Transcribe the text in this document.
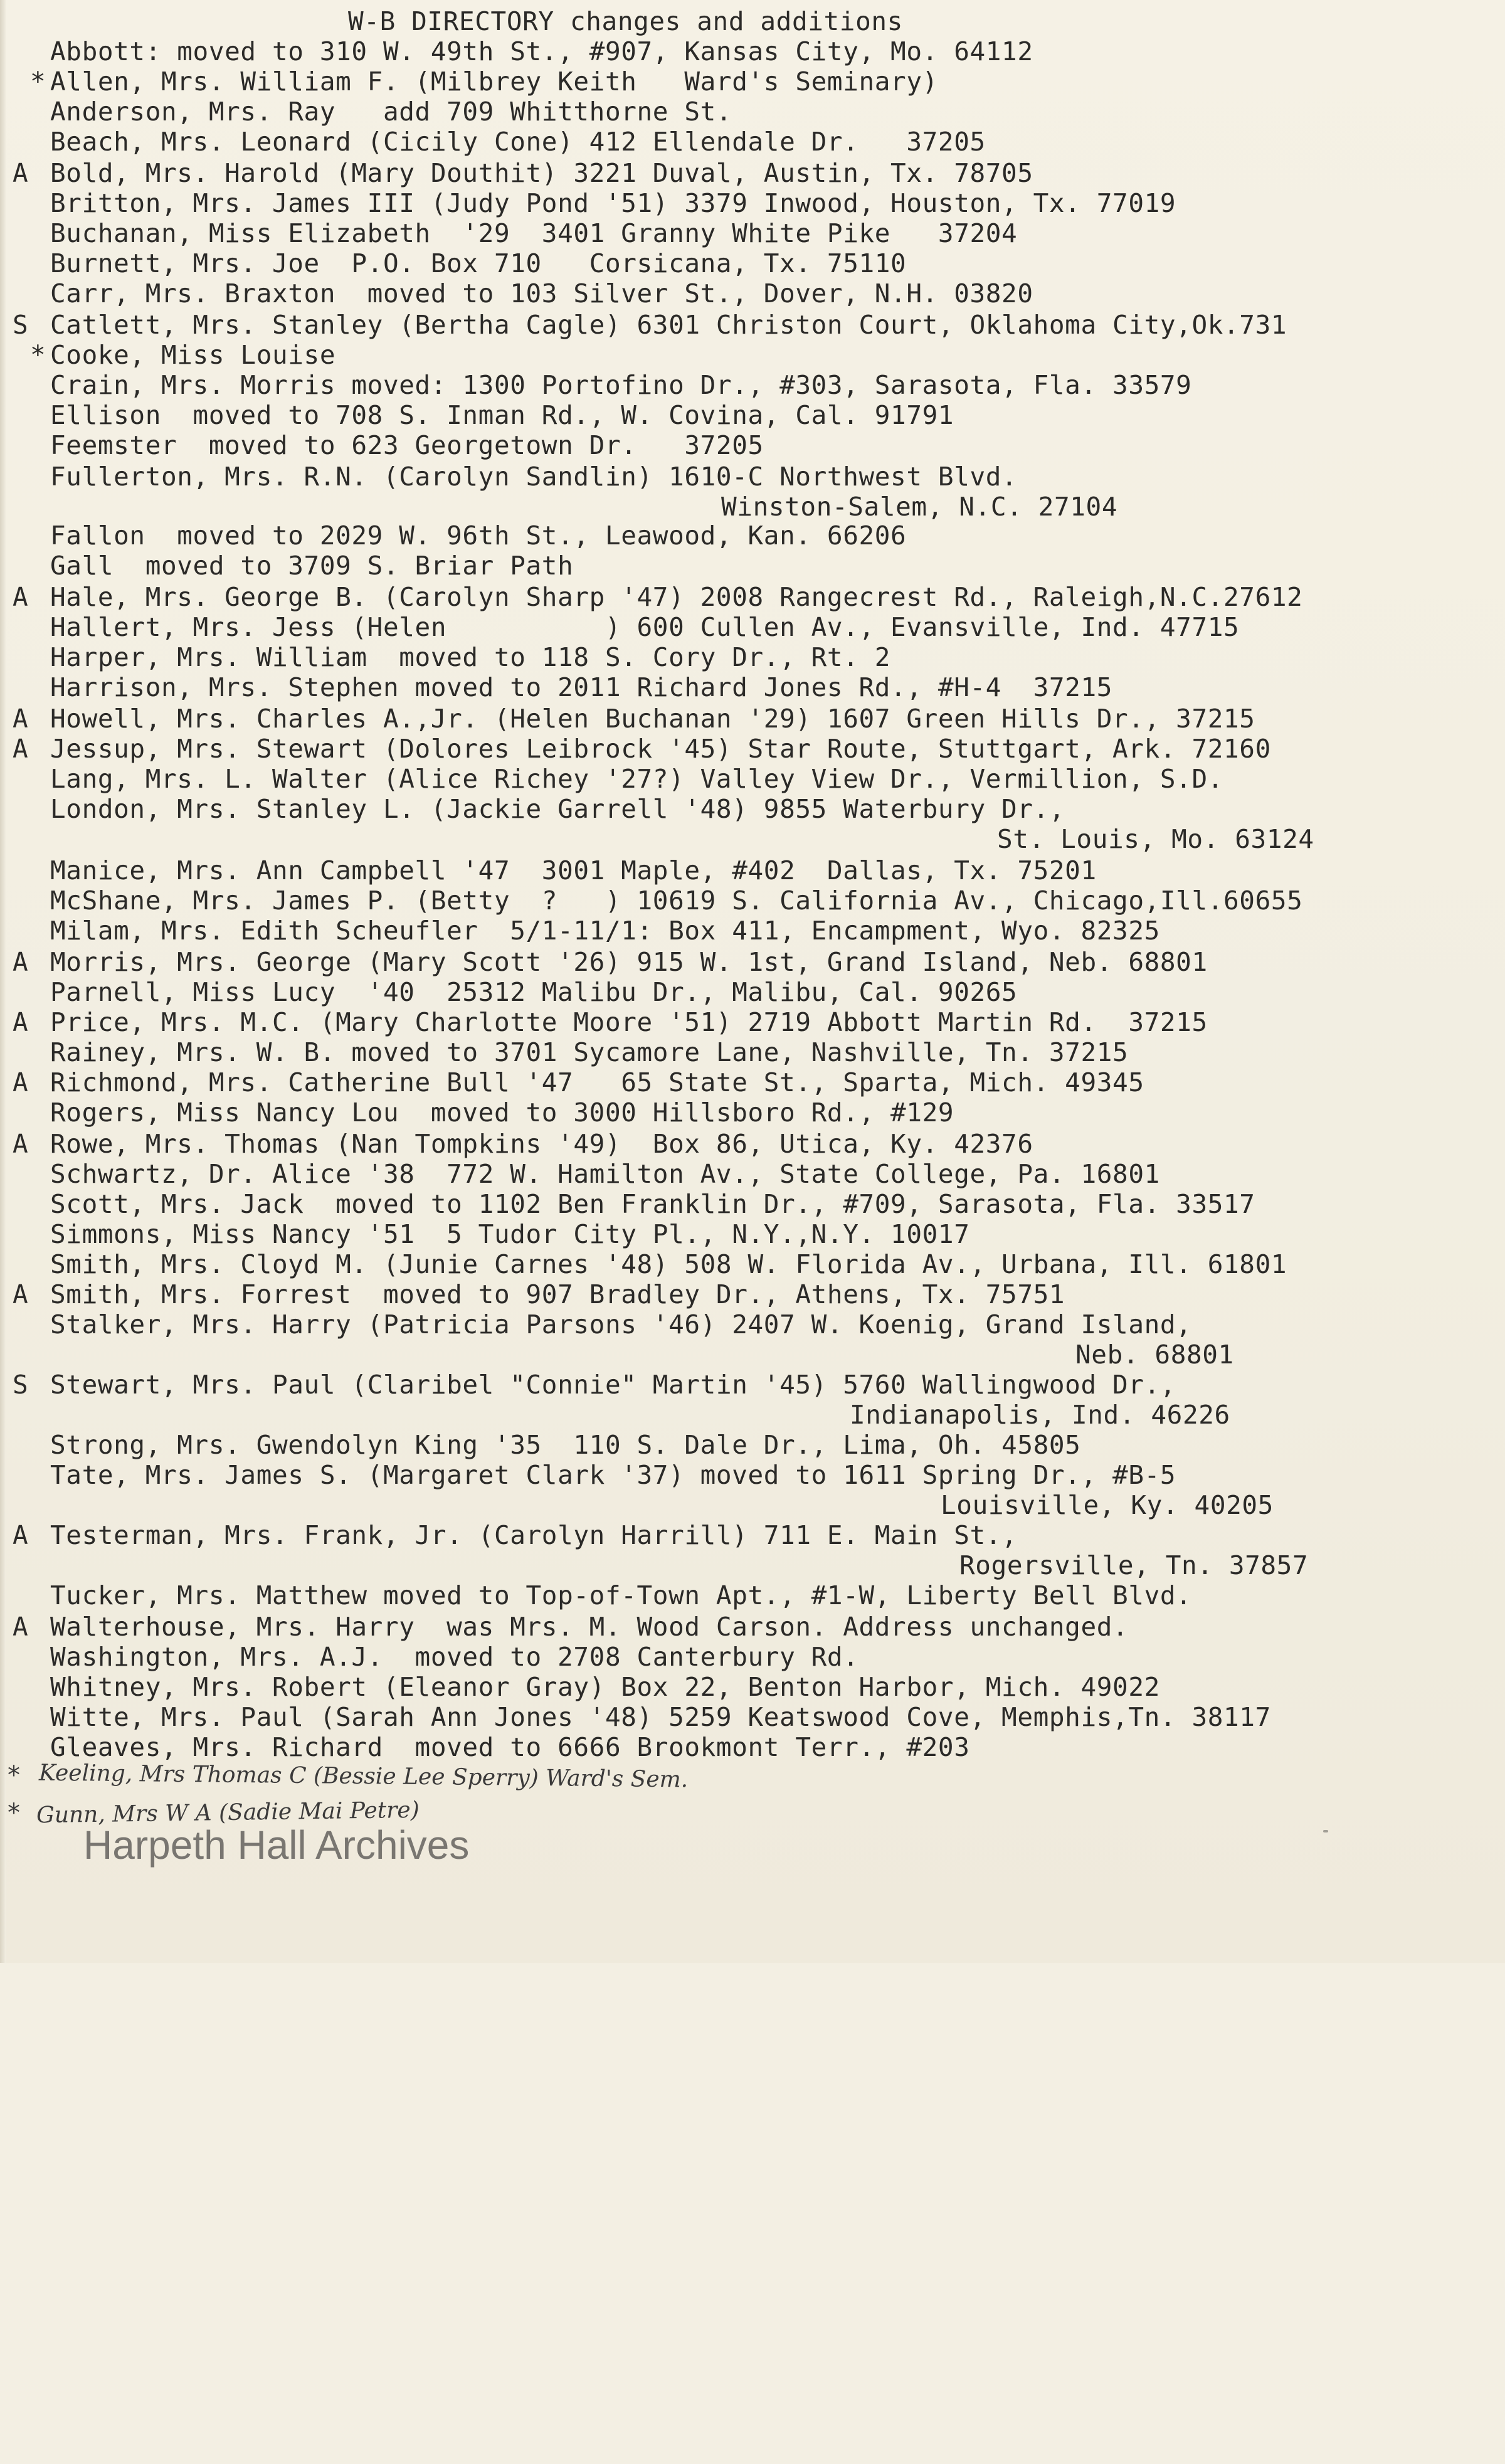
W-B DIRECTORY changes and additions

Abbott: moved to 310 W. 49th St., #907, Kansas City, Mo. 64112

*

Allen, Mrs. William F. (Milbrey Keith   Ward's Seminary)

Anderson, Mrs. Ray   add 709 Whitthorne St.

Beach, Mrs. Leonard (Cicily Cone) 412 Ellendale Dr.   37205

A

Bold, Mrs. Harold (Mary Douthit) 3221 Duval, Austin, Tx. 78705

Britton, Mrs. James III (Judy Pond '51) 3379 Inwood, Houston, Tx. 77019

Buchanan, Miss Elizabeth  '29  3401 Granny White Pike   37204

Burnett, Mrs. Joe  P.O. Box 710   Corsicana, Tx. 75110

Carr, Mrs. Braxton  moved to 103 Silver St., Dover, N.H. 03820

S

Catlett, Mrs. Stanley (Bertha Cagle) 6301 Christon Court, Oklahoma City,Ok.731

*

Cooke, Miss Louise

Crain, Mrs. Morris moved: 1300 Portofino Dr., #303, Sarasota, Fla. 33579

Ellison  moved to 708 S. Inman Rd., W. Covina, Cal. 91791

Feemster  moved to 623 Georgetown Dr.   37205

Fullerton, Mrs. R.N. (Carolyn Sandlin) 1610-C Northwest Blvd.

Winston-Salem, N.C. 27104

Fallon  moved to 2029 W. 96th St., Leawood, Kan. 66206

Gall  moved to 3709 S. Briar Path

A

Hale, Mrs. George B. (Carolyn Sharp '47) 2008 Rangecrest Rd., Raleigh,N.C.27612

Hallert, Mrs. Jess (Helen          ) 600 Cullen Av., Evansville, Ind. 47715

Harper, Mrs. William  moved to 118 S. Cory Dr., Rt. 2

Harrison, Mrs. Stephen moved to 2011 Richard Jones Rd., #H-4  37215

A

Howell, Mrs. Charles A.,Jr. (Helen Buchanan '29) 1607 Green Hills Dr., 37215

A

Jessup, Mrs. Stewart (Dolores Leibrock '45) Star Route, Stuttgart, Ark. 72160

Lang, Mrs. L. Walter (Alice Richey '27?) Valley View Dr., Vermillion, S.D.

London, Mrs. Stanley L. (Jackie Garrell '48) 9855 Waterbury Dr.,

St. Louis, Mo. 63124

Manice, Mrs. Ann Campbell '47  3001 Maple, #402  Dallas, Tx. 75201

McShane, Mrs. James P. (Betty  ?   ) 10619 S. California Av., Chicago,Ill.60655

Milam, Mrs. Edith Scheufler  5/1-11/1: Box 411, Encampment, Wyo. 82325

A

Morris, Mrs. George (Mary Scott '26) 915 W. 1st, Grand Island, Neb. 68801

Parnell, Miss Lucy  '40  25312 Malibu Dr., Malibu, Cal. 90265

A

Price, Mrs. M.C. (Mary Charlotte Moore '51) 2719 Abbott Martin Rd.  37215

Rainey, Mrs. W. B. moved to 3701 Sycamore Lane, Nashville, Tn. 37215

A

Richmond, Mrs. Catherine Bull '47   65 State St., Sparta, Mich. 49345

Rogers, Miss Nancy Lou  moved to 3000 Hillsboro Rd., #129

A

Rowe, Mrs. Thomas (Nan Tompkins '49)  Box 86, Utica, Ky. 42376

Schwartz, Dr. Alice '38  772 W. Hamilton Av., State College, Pa. 16801

Scott, Mrs. Jack  moved to 1102 Ben Franklin Dr., #709, Sarasota, Fla. 33517

Simmons, Miss Nancy '51  5 Tudor City Pl., N.Y.,N.Y. 10017

Smith, Mrs. Cloyd M. (Junie Carnes '48) 508 W. Florida Av., Urbana, Ill. 61801

A

Smith, Mrs. Forrest  moved to 907 Bradley Dr., Athens, Tx. 75751

Stalker, Mrs. Harry (Patricia Parsons '46) 2407 W. Koenig, Grand Island,

Neb. 68801

S

Stewart, Mrs. Paul (Claribel "Connie" Martin '45) 5760 Wallingwood Dr.,

Indianapolis, Ind. 46226

Strong, Mrs. Gwendolyn King '35  110 S. Dale Dr., Lima, Oh. 45805

Tate, Mrs. James S. (Margaret Clark '37) moved to 1611 Spring Dr., #B-5

Louisville, Ky. 40205

A

Testerman, Mrs. Frank, Jr. (Carolyn Harrill) 711 E. Main St.,

Rogersville, Tn. 37857

Tucker, Mrs. Matthew moved to Top-of-Town Apt., #1-W, Liberty Bell Blvd.

A

Walterhouse, Mrs. Harry  was Mrs. M. Wood Carson. Address unchanged.

Washington, Mrs. A.J.  moved to 2708 Canterbury Rd.

Whitney, Mrs. Robert (Eleanor Gray) Box 22, Benton Harbor, Mich. 49022

Witte, Mrs. Paul (Sarah Ann Jones '48) 5259 Keatswood Cove, Memphis,Tn. 38117

Gleaves, Mrs. Richard  moved to 6666 Brookmont Terr., #203

* Keeling, Mrs Thomas C (Bessie Lee Sperry) Ward's Sem.
* Gunn, Mrs W A (Sadie Mai Petre)
Harpeth Hall Archives
